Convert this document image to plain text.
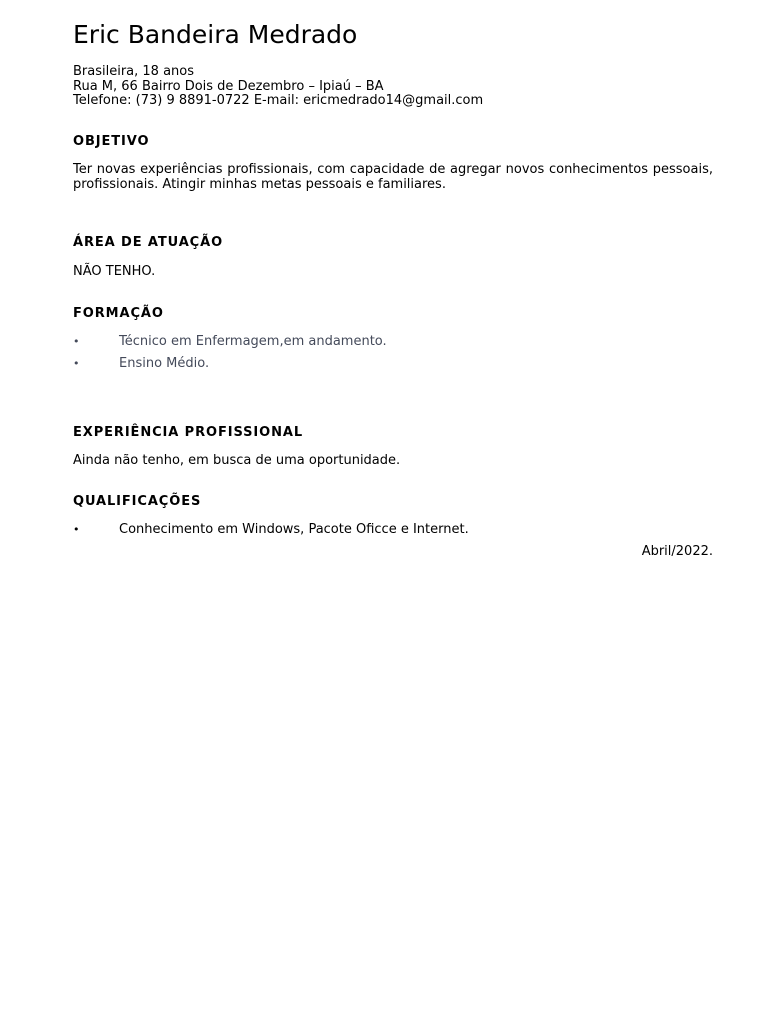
Eric Bandeira Medrado
Brasileira, 18 anos
Rua M, 66 Bairro Dois de Dezembro – Ipiaú – BA
Telefone: (73) 9 8891-0722 E-mail: ericmedrado14@gmail.com
OBJETIVO
Ter novas experiências profissionais, com capacidade de agregar novos conhecimentos pessoais, profissionais. Atingir minhas metas pessoais e familiares.
ÁREA DE ATUAÇÃO
NÃO TENHO.
FORMAÇÃO
•	Técnico em Enfermagem,em andamento.
•	Ensino Médio.
EXPERIÊNCIA PROFISSIONAL
Ainda não tenho, em busca de uma oportunidade.
QUALIFICAÇÕES
•	Conhecimento em Windows, Pacote Oficce e Internet.
Abril/2022.
